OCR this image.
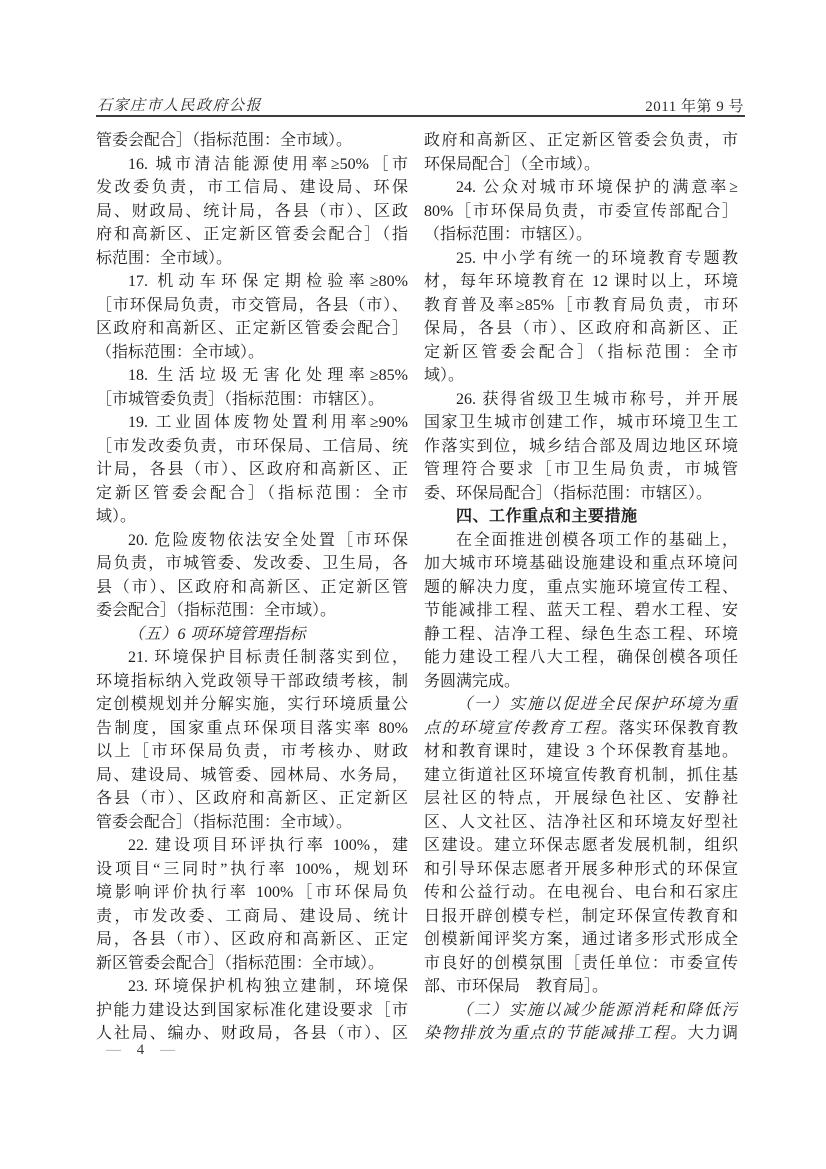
石家庄市人民政府公报	2011 年第 9 号
管委会配合］（指标范围：全市域）。
16. 城市清洁能源使用率≥50%［市
发改委负责，市工信局、建设局、环保
局、财政局、统计局，各县（市）、区政
府和高新区、正定新区管委会配合］（指
标范围：全市域）。
17. 机动车环保定期检验率≥80%
［市环保局负责，市交管局，各县（市）、
区政府和高新区、正定新区管委会配合］
（指标范围：全市域）。
18. 生活垃圾无害化处理率≥85%
［市城管委负责］（指标范围：市辖区）。
19. 工业固体废物处置利用率≥90%
［市发改委负责，市环保局、工信局、统
计局，各县（市）、区政府和高新区、正
定新区管委会配合］（指标范围：全市
域）。
20. 危险废物依法安全处置［市环保
局负责，市城管委、发改委、卫生局，各
县（市）、区政府和高新区、正定新区管
委会配合］（指标范围：全市域）。
（五）6 项环境管理指标
21. 环境保护目标责任制落实到位，
环境指标纳入党政领导干部政绩考核，制
定创模规划并分解实施，实行环境质量公
告制度，国家重点环保项目落实率 80%
以上［市环保局负责，市考核办、财政
局、建设局、城管委、园林局、水务局，
各县（市）、区政府和高新区、正定新区
管委会配合］（指标范围：全市域）。
22. 建设项目环评执行率 100%，建
设项目“三同时”执行率 100%，规划环
境影响评价执行率 100%［市环保局负
责，市发改委、工商局、建设局、统计
局，各县（市）、区政府和高新区、正定
新区管委会配合］（指标范围：全市域）。
23. 环境保护机构独立建制，环境保
护能力建设达到国家标准化建设要求［市
人社局、编办、财政局，各县（市）、区
政府和高新区、正定新区管委会负责，市
环保局配合］（全市域）。
24. 公众对城市环境保护的满意率≥
80%［市环保局负责，市委宣传部配合］
（指标范围：市辖区）。
25. 中小学有统一的环境教育专题教
材，每年环境教育在 12 课时以上，环境
教育普及率≥85%［市教育局负责，市环
保局，各县（市）、区政府和高新区、正
定新区管委会配合］（指标范围：全市
域）。
26. 获得省级卫生城市称号，并开展
国家卫生城市创建工作，城市环境卫生工
作落实到位，城乡结合部及周边地区环境
管理符合要求［市卫生局负责，市城管
委、环保局配合］（指标范围：市辖区）。
四、工作重点和主要措施
在全面推进创模各项工作的基础上，
加大城市环境基础设施建设和重点环境问
题的解决力度，重点实施环境宣传工程、
节能减排工程、蓝天工程、碧水工程、安
静工程、洁净工程、绿色生态工程、环境
能力建设工程八大工程，确保创模各项任
务圆满完成。
（一）实施以促进全民保护环境为重
点的环境宣传教育工程。落实环保教育教
材和教育课时，建设 3 个环保教育基地。
建立街道社区环境宣传教育机制，抓住基
层社区的特点，开展绿色社区、安静社
区、人文社区、洁净社区和环境友好型社
区建设。建立环保志愿者发展机制，组织
和引导环保志愿者开展多种形式的环保宣
传和公益行动。在电视台、电台和石家庄
日报开辟创模专栏，制定环保宣传教育和
创模新闻评奖方案，通过诸多形式形成全
市良好的创模氛围［责任单位：市委宣传
部、市环保局　教育局］。
（二）实施以减少能源消耗和降低污
染物排放为重点的节能减排工程。大力调
— 4 —
